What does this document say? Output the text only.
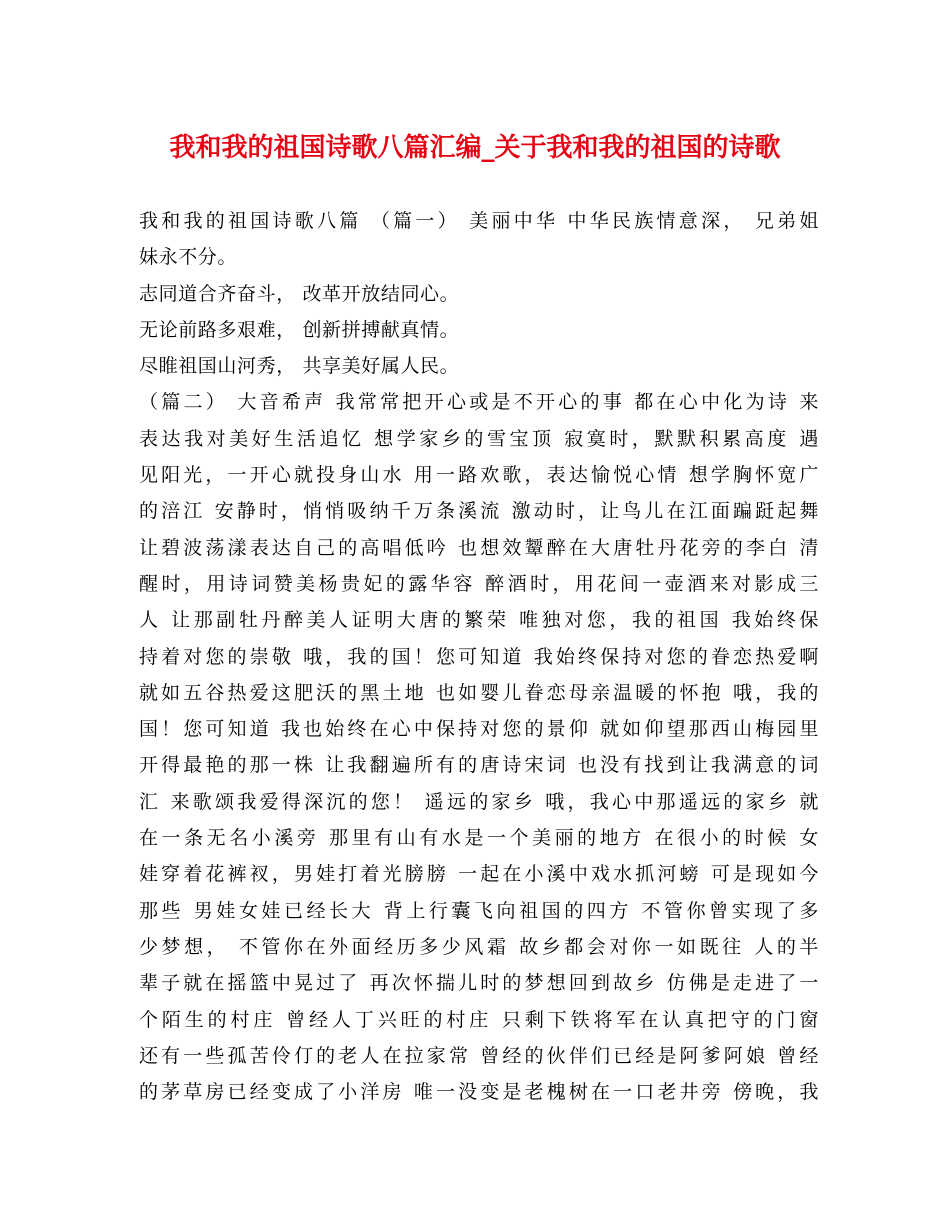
我和我的祖国诗歌八篇汇编_关于我和我的祖国的诗歌
我和我的祖国诗歌八篇 （篇一） 美丽中华 中华民族情意深， 兄弟姐
妹永不分。
志同道合齐奋斗， 改革开放结同心。
无论前路多艰难， 创新拼搏献真情。
尽睢祖国山河秀， 共享美好属人民。
（篇二） 大音希声 我常常把开心或是不开心的事 都在心中化为诗 来
表达我对美好生活追忆 想学家乡的雪宝顶 寂寞时，默默积累高度 遇
见阳光，一开心就投身山水 用一路欢歌，表达愉悦心情 想学胸怀宽广
的涪江 安静时，悄悄吸纳千万条溪流 激动时，让鸟儿在江面蹁跹起舞
让碧波荡漾表达自己的高唱低吟 也想效颦醉在大唐牡丹花旁的李白 清
醒时，用诗词赞美杨贵妃的露华容 醉酒时，用花间一壶酒来对影成三
人 让那副牡丹醉美人证明大唐的繁荣 唯独对您，我的祖国 我始终保
持着对您的崇敬 哦，我的国！您可知道 我始终保持对您的眷恋热爱啊
就如五谷热爱这肥沃的黑土地 也如婴儿眷恋母亲温暖的怀抱 哦，我的
国！您可知道 我也始终在心中保持对您的景仰 就如仰望那西山梅园里
开得最艳的那一株 让我翻遍所有的唐诗宋词 也没有找到让我满意的词
汇 来歌颂我爱得深沉的您！ 遥远的家乡 哦，我心中那遥远的家乡 就
在一条无名小溪旁 那里有山有水是一个美丽的地方 在很小的时候 女
娃穿着花裤衩，男娃打着光膀膀 一起在小溪中戏水抓河螃 可是现如今
那些 男娃女娃已经长大 背上行囊飞向祖国的四方 不管你曾实现了多
少梦想， 不管你在外面经历多少风霜 故乡都会对你一如既往 人的半
辈子就在摇篮中晃过了 再次怀揣儿时的梦想回到故乡 仿佛是走进了一
个陌生的村庄 曾经人丁兴旺的村庄 只剩下铁将军在认真把守的门窗
还有一些孤苦伶仃的老人在拉家常 曾经的伙伴们已经是阿爹阿娘 曾经
的茅草房已经变成了小洋房 唯一没变是老槐树在一口老井旁 傍晚，我
